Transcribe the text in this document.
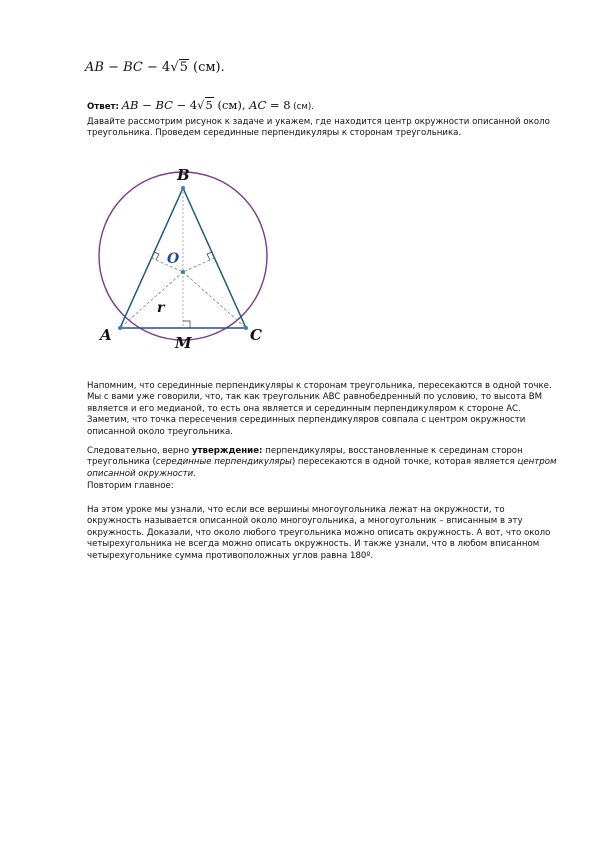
AB − BC − 4√5 (см).
Ответ: AB − BC − 4√5 (см), AC = 8 (см).
Давайте рассмотрим рисунок к задаче и укажем, где находится центр окружности описанной около треугольника. Проведем серединные перпендикуляры к сторонам треугольника.
B
O
r
A	M	C
Напомним, что серединные перпендикуляры к сторонам треугольника, пересекаются в одной точке. Мы с вами уже говорили, что, так как треугольник ABC равнобедренный по условию, то высота BM является и его медианой, то есть она является и серединным перпендикуляром к стороне AC. Заметим, что точка пересечения серединных перпендикуляров совпала с центром окружности описанной около треугольника.
Следовательно, верно утверждение: перпендикуляры, восстановленные к серединам сторон треугольника (серединные перпендикуляры) пересекаются в одной точке, которая является центром описанной окружности.
Повторим главное:
На этом уроке мы узнали, что если все вершины многоугольника лежат на окружности, то окружность называется описанной около многоугольника, а многоугольник – вписанным в эту окружность. Доказали, что около любого треугольника можно описать окружность. А вот, что около четырехугольника не всегда можно описать окружность. И также узнали, что в любом вписанном четырехугольнике сумма противоположных углов равна 180º.
